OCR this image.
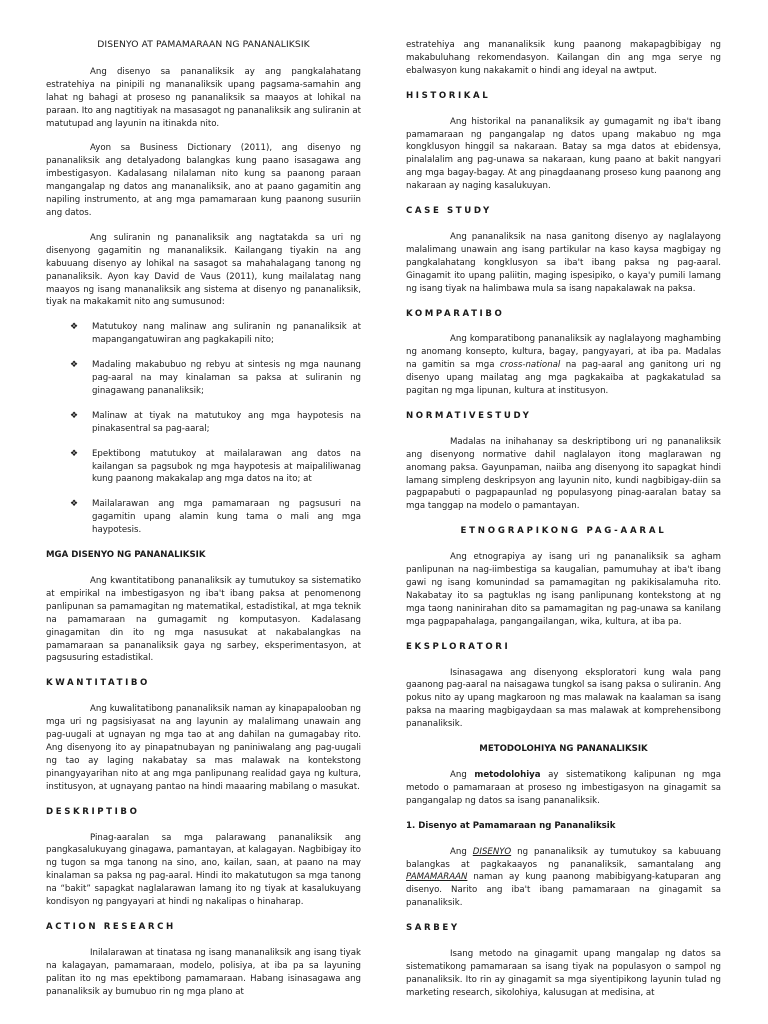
DISENYO AT PAMAMARAAN NG PANANALIKSIK

Ang disenyo sa pananaliksik ay ang pangkalahatang estratehiya na pinipili ng mananaliksik upang pagsama-samahin ang lahat ng bahagi at proseso ng pananaliksik sa maayos at lohikal na paraan. Ito ang nagtitiyak na masasagot ng pananaliksik ang suliranin at matutupad ang layunin na itinakda nito.

Ayon sa Business Dictionary (2011), ang disenyo ng pananaliksik ang detalyadong balangkas kung paano isasagawa ang imbestigasyon. Kadalasang nilalaman nito kung sa paanong paraan mangangalap ng datos ang mananaliksik, ano at paano gagamitin ang napiling instrumento, at ang mga pamamaraan kung paanong susuriin ang datos.

Ang suliranin ng pananaliksik ang nagtatakda sa uri ng disenyong gagamitin ng mananaliksik. Kailangang tiyakin na ang kabuuang disenyo ay lohikal na sasagot sa mahahalagang tanong ng pananaliksik. Ayon kay David de Vaus (2011), kung mailalatag nang maayos ng isang mananaliksik ang sistema at disenyo ng pananaliksik, tiyak na makakamit nito ang sumusunod:

❖ Matutukoy nang malinaw ang suliranin ng pananaliksik at mapangangatuwiran ang pagkakapili nito;
❖ Madaling makabubuo ng rebyu at sintesis ng mga naunang pag-aaral na may kinalaman sa paksa at suliranin ng ginagawang pananaliksik;
❖ Malinaw at tiyak na matutukoy ang mga haypotesis na pinakasentral sa pag-aaral;
❖ Epektibong matutukoy at mailalarawan ang datos na kailangan sa pagsubok ng mga haypotesis at maipaliliwanag kung paanong makakalap ang mga datos na ito; at
❖ Mailalarawan ang mga pamamaraan ng pagsusuri na gagamitin upang alamin kung tama o mali ang mga haypotesis.
MGA DISENYO NG PANANALIKSIK

Ang kwantitatibong pananaliksik ay tumutukoy sa sistematiko at empirikal na imbestigasyon ng iba't ibang paksa at penomenong panlipunan sa pamamagitan ng matematikal, estadistikal, at mga teknik na pamamaraan na gumagamit ng komputasyon. Kadalasang ginagamitan din ito ng mga nasusukat at nakabalangkas na pamamaraan sa pananaliksik gaya ng sarbey, eksperimentasyon, at pagsusuring estadistikal.

KWANTITATIBO

Ang kuwalitatibong pananaliksik naman ay kinapapalooban ng mga uri ng pagsisiyasat na ang layunin ay malalimang unawain ang pag-uugali at ugnayan ng mga tao at ang dahilan na gumagabay rito. Ang disenyong ito ay pinapatnubayan ng paniniwalang ang pag-uugali ng tao ay laging nakabatay sa mas malawak na kontekstong pinangyayarihan nito at ang mga panlipunang realidad gaya ng kultura, institusyon, at ugnayang pantao na hindi maaaring mabilang o masukat.

DESKRIPTIBO

Pinag-aaralan sa mga palarawang pananaliksik ang pangkasalukuyang ginagawa, pamantayan, at kalagayan. Nagbibigay ito ng tugon sa mga tanong na sino, ano, kailan, saan, at paano na may kinalaman sa paksa ng pag-aaral. Hindi ito makatutugon sa mga tanong na “bakit” sapagkat naglalarawan lamang ito ng tiyak at kasalukuyang kondisyon ng pangyayari at hindi ng nakalipas o hinaharap.

ACTION RESEARCH

Inilalarawan at tinatasa ng isang mananaliksik ang isang tiyak na kalagayan, pamamaraan, modelo, polisiya, at iba pa sa layuning palitan ito ng mas epektibong pamamaraan. Habang isinasagawa ang pananaliksik ay bumubuo rin ng mga plano at

estratehiya ang mananaliksik kung paanong makapagbibigay ng makabuluhang rekomendasyon. Kailangan din ang mga serye ng ebalwasyon kung nakakamit o hindi ang ideyal na awtput.

HISTORIKAL

Ang historikal na pananaliksik ay gumagamit ng iba't ibang pamamaraan ng pangangalap ng datos upang makabuo ng mga kongklusyon hinggil sa nakaraan. Batay sa mga datos at ebidensya, pinalalalim ang pag-unawa sa nakaraan, kung paano at bakit nangyari ang mga bagay-bagay. At ang pinagdaanang proseso kung paanong ang nakaraan ay naging kasalukuyan.

CASE STUDY

Ang pananaliksik na nasa ganitong disenyo ay naglalayong malalimang unawain ang isang partikular na kaso kaysa magbigay ng pangkalahatang kongklusyon sa iba't ibang paksa ng pag-aaral. Ginagamit ito upang paliitin, maging ispesipiko, o kaya'y pumili lamang ng isang tiyak na halimbawa mula sa isang napakalawak na paksa.

KOMPARATIBO

Ang komparatibong pananaliksik ay naglalayong maghambing ng anomang konsepto, kultura, bagay, pangyayari, at iba pa. Madalas na gamitin sa mga cross-national na pag-aaral ang ganitong uri ng disenyo upang mailatag ang mga pagkakaiba at pagkakatulad sa pagitan ng mga lipunan, kultura at institusyon.

NORMATIVESTUDY

Madalas na inihahanay sa deskriptibong uri ng pananaliksik ang disenyong normative dahil naglalayon itong maglarawan ng anomang paksa. Gayunpaman, naiiba ang disenyong ito sapagkat hindi lamang simpleng deskripsyon ang layunin nito, kundi nagbibigay-diin sa pagpapabuti o pagpapaunlad ng populasyong pinag-aaralan batay sa mga tanggap na modelo o pamantayan.

ETNOGRAPIKONG PAG-AARAL

Ang etnograpiya ay isang uri ng pananaliksik sa agham panlipunan na nag-iimbestiga sa kaugalian, pamumuhay at iba't ibang gawi ng isang komunindad sa pamamagitan ng pakikisalamuha rito. Nakabatay ito sa pagtuklas ng isang panlipunang kontekstong at ng mga taong naninirahan dito sa pamamagitan ng pag-unawa sa kanilang mga pagpapahalaga, pangangailangan, wika, kultura, at iba pa.

EKSPLORATORI

Isinasagawa ang disenyong eksploratori kung wala pang gaanong pag-aaral na naisagawa tungkol sa isang paksa o suliranin. Ang pokus nito ay upang magkaroon ng mas malawak na kaalaman sa isang paksa na maaring magbigaydaan sa mas malawak at komprehensibong pananaliksik.

METODOLOHIYA NG PANANALIKSIK

Ang metodolohiya ay sistematikong kalipunan ng mga metodo o pamamaraan at proseso ng imbestigasyon na ginagamit sa pangangalap ng datos sa isang pananaliksik.

1. Disenyo at Pamamaraan ng Pananaliksik

Ang DISENYO ng pananaliksik ay tumutukoy sa kabuuang balangkas at pagkakaayos ng pananaliksik, samantalang ang PAMAMARAAN naman ay kung paanong mabibigyang-katuparan ang disenyo. Narito ang iba't ibang pamamaraan na ginagamit sa pananaliksik.

SARBEY

Isang metodo na ginagamit upang mangalap ng datos sa sistematikong pamamaraan sa isang tiyak na populasyon o sampol ng pananaliksik. Ito rin ay ginagamit sa mga siyentipikong layunin tulad ng marketing research, sikolohiya, kalusugan at medisina, at
